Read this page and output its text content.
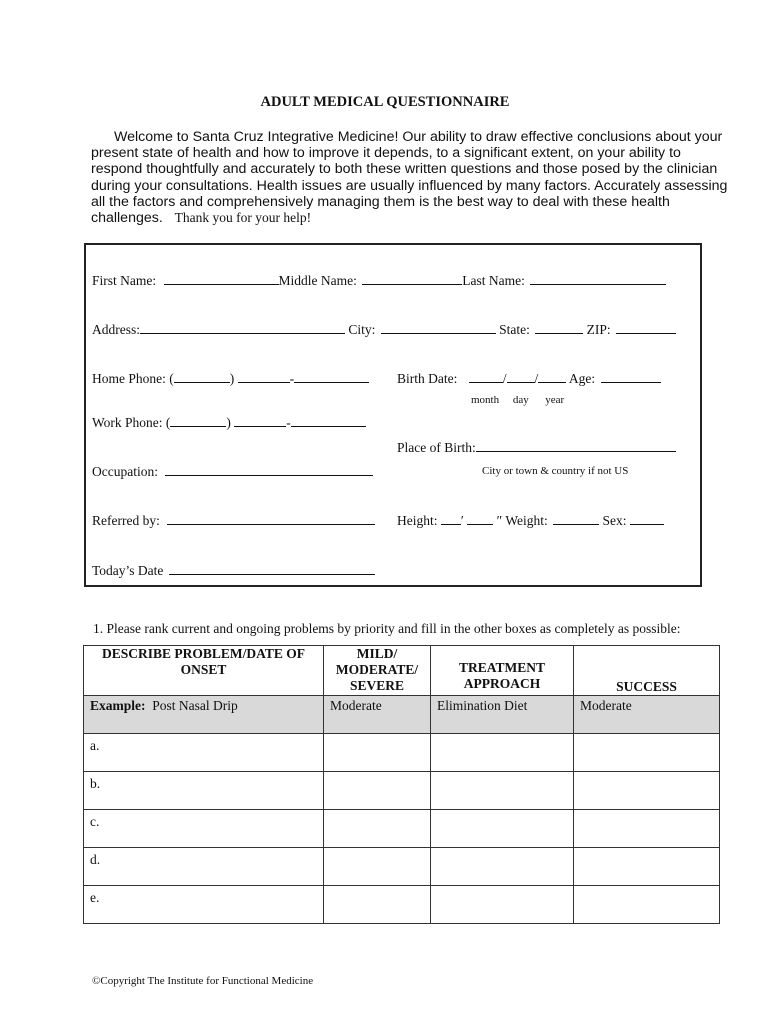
ADULT MEDICAL QUESTIONNAIRE
Welcome to Santa Cruz Integrative Medicine! Our ability to draw effective conclusions about your
present state of health and how to improve it depends, to a significant extent, on your ability to
respond thoughtfully and accurately to both these written questions and those posed by the clinician
during your consultations. Health issues are usually influenced by many factors. Accurately assessing
all the factors and comprehensively managing them is the best way to deal with these health
challenges. Thank you for your help!
First Name:	Middle Name:	Last Name:
Address:	City:	State:	ZIP:
Home Phone: (	)	-	Birth Date:	/ / Age:
month day year
Work Phone: (	)	-
Place of Birth:
Occupation:	City or town & country if not US
Referred by:	Height: ′ ″ Weight:	Sex:
Today’s Date
1. Please rank current and ongoing problems by priority and fill in the other boxes as completely as possible:
DESCRIBE PROBLEM/DATE OF ONSET	MILD/ MODERATE/ SEVERE	TREATMENT APPROACH	SUCCESS
Example: Post Nasal Drip	Moderate	Elimination Diet	Moderate
a.			
b.			
c.			
d.			
e.			
©Copyright The Institute for Functional Medicine
